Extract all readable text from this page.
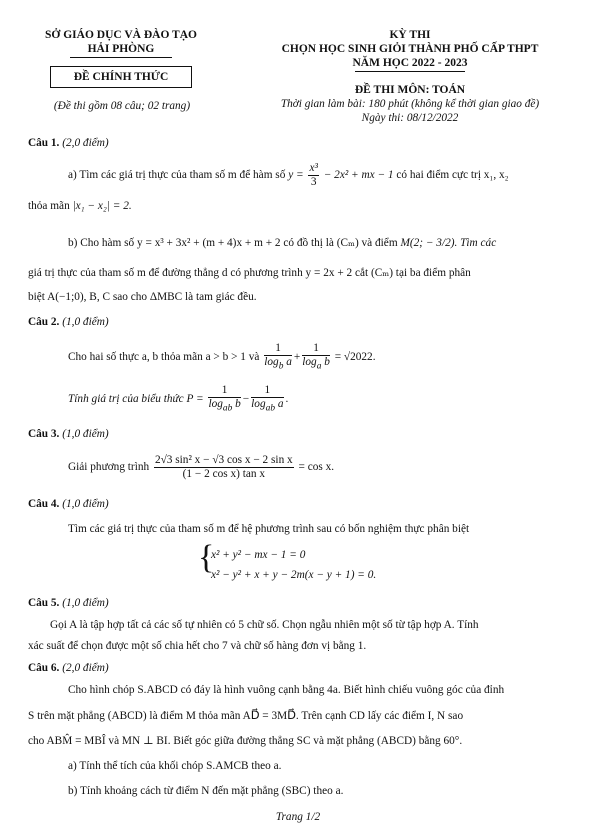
SỞ GIÁO DỤC VÀ ĐÀO TẠO
HẢI PHÒNG
ĐỀ CHÍNH THỨC
(Đề thi gồm 08 câu; 02 trang)
KỲ THI
CHỌN HỌC SINH GIỎI THÀNH PHỐ CẤP THPT
NĂM HỌC 2022 - 2023
ĐỀ THI MÔN: TOÁN
Thời gian làm bài: 180 phút (không kể thời gian giao đề)
Ngày thi: 08/12/2022
Câu 1. (2,0 điểm)
a) Tìm các giá trị thực của tham số m để hàm số $y = \frac{\text{x³}}{3} - 2x^2$ + mx − 1 có hai điểm cực trị x₁, x₂
thỏa mãn |x₁ − x₂| = 2.
b) Cho hàm số y = x³ + 3x² + (m + 4)x + m + 2 có đồ thị là (Cₘ) và điểm M(2; − 3/2). Tìm các
giá trị thực của tham số m để đường thẳng d có phương trình y = 2x + 2 cắt (Cₘ) tại ba điểm phân
biệt A(−1;0), B, C sao cho ΔMBC là tam giác đều.
Câu 2. (1,0 điểm)
Cho hai số thực a, b thỏa mãn a > b > 1 và $\frac{1}{\log_b a} + \frac{1}{\log_a b} = √2022$.
Tính giá trị của biểu thức $P = \frac{1}{\log_{ab} b} - \frac{1}{\log_{ab} a}$ .
Câu 3. (1,0 điểm)
Giải phương trình $\frac{\text{2√3 sin² x − √3 cos x − 2 sin x}}{\text{(1 − 2 cos x) tan x}} = \cos x$.
Câu 4. (1,0 điểm)
Tìm các giá trị thực của tham số m để hệ phương trình sau có bốn nghiệm thực phân biệt
{
x² + y² − mx − 1 = 0
x² − y² + x + y − 2m(x − y + 1) = 0.
Câu 5. (1,0 điểm)
Gọi A là tập hợp tất cả các số tự nhiên có 5 chữ số. Chọn ngẫu nhiên một số từ tập hợp A. Tính
xác suất để chọn được một số chia hết cho 7 và chữ số hàng đơn vị bằng 1.
Câu 6. (2,0 điểm)
Cho hình chóp S.ABCD có đáy là hình vuông cạnh bằng 4a. Biết hình chiếu vuông góc của đỉnh
S trên mặt phẳng (ABCD) là điểm M thỏa mãn AD⃗ = 3MD⃗. Trên cạnh CD lấy các điểm I, N sao
cho ABM̂ = MBÎ và MN ⊥ BI. Biết góc giữa đường thẳng SC và mặt phẳng (ABCD) bằng 60°.
a) Tính thể tích của khối chóp S.AMCB theo a.
b) Tính khoảng cách từ điểm N đến mặt phẳng (SBC) theo a.
Trang 1/2
